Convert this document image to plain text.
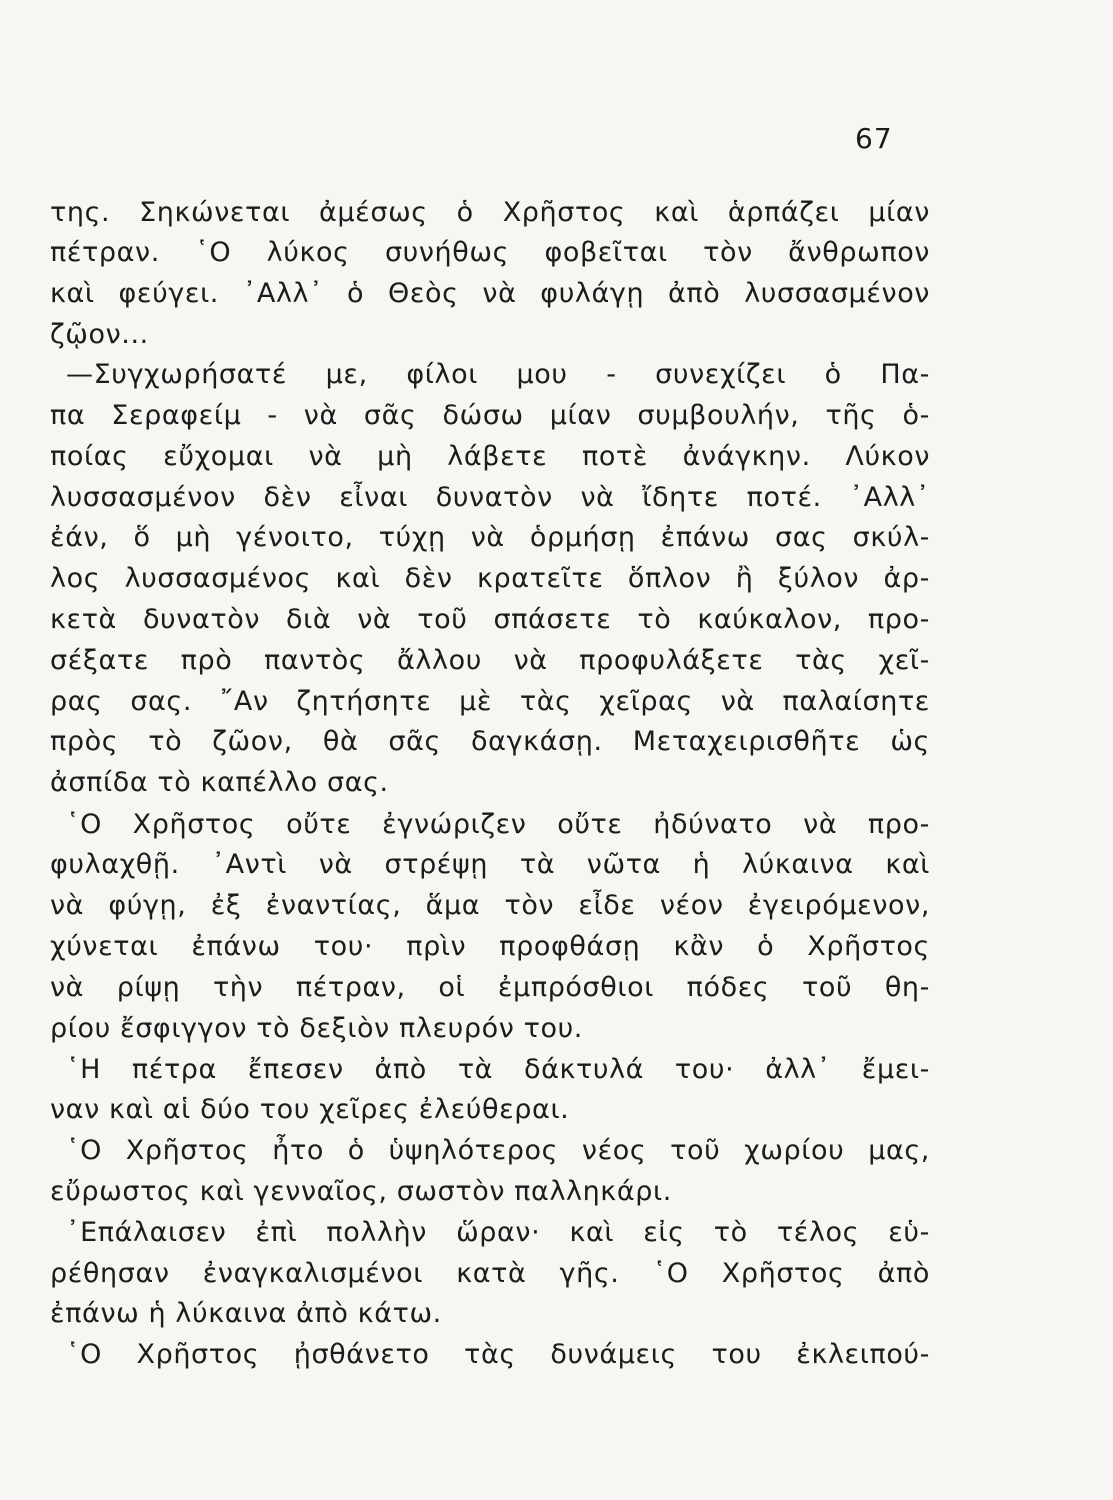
67
της. Σηκώνεται ἀμέσως ὁ Χρῆστος καὶ ἁρπάζει μίαν
πέτραν. ῾Ο λύκος συνήθως φοβεῖται τὸν ἄνθρωπον
καὶ φεύγει. ᾿Αλλ᾿ ὁ Θεὸς νὰ φυλάγῃ ἀπὸ λυσσασμένον
ζῷον...
—Συγχωρήσατέ με, φίλοι μου - συνεχίζει ὁ Πα-
πα Σεραφείμ - νὰ σᾶς δώσω μίαν συμβουλήν, τῆς ὁ-
ποίας εὔχομαι νὰ μὴ λάβετε ποτὲ ἀνάγκην. Λύκον
λυσσασμένον δὲν εἶναι δυνατὸν νὰ ἴδητε ποτέ. ᾿Αλλ᾿
ἐάν, ὅ μὴ γένοιτο, τύχῃ νὰ ὁρμήσῃ ἐπάνω σας σκύλ-
λος λυσσασμένος καὶ δὲν κρατεῖτε ὅπλον ἢ ξύλον ἀρ-
κετὰ δυνατὸν διὰ νὰ τοῦ σπάσετε τὸ καύκαλον, προ-
σέξατε πρὸ παντὸς ἄλλου νὰ προφυλάξετε τὰς χεῖ-
ρας σας. ῎Αν ζητήσητε μὲ τὰς χεῖρας νὰ παλαίσητε
πρὸς τὸ ζῶον, θὰ σᾶς δαγκάσῃ. Μεταχειρισθῆτε ὡς
ἀσπίδα τὸ καπέλλο σας.
῾Ο Χρῆστος οὔτε ἐγνώριζεν οὔτε ἠδύνατο νὰ προ-
φυλαχθῇ. ᾿Αντὶ νὰ στρέψῃ τὰ νῶτα ἡ λύκαινα καὶ
νὰ φύγῃ, ἐξ ἐναντίας, ἅμα τὸν εἶδε νέον ἐγειρόμενον,
χύνεται ἐπάνω του· πρὶν προφθάσῃ κἂν ὁ Χρῆστος
νὰ ρίψῃ τὴν πέτραν, οἱ ἐμπρόσθιοι πόδες τοῦ θη-
ρίου ἔσφιγγον τὸ δεξιὸν πλευρόν του.
῾Η πέτρα ἔπεσεν ἀπὸ τὰ δάκτυλά του· ἀλλ᾿ ἔμει-
ναν καὶ αἱ δύο του χεῖρες ἐλεύθεραι.
῾Ο Χρῆστος ἦτο ὁ ὑψηλότερος νέος τοῦ χωρίου μας,
εὔρωστος καὶ γενναῖος, σωστὸν παλληκάρι.
᾿Επάλαισεν ἐπὶ πολλὴν ὥραν· καὶ εἰς τὸ τέλος εὑ-
ρέθησαν ἐναγκαλισμένοι κατὰ γῆς. ῾Ο Χρῆστος ἀπὸ
ἐπάνω ἡ λύκαινα ἀπὸ κάτω.
῾Ο Χρῆστος ᾐσθάνετο τὰς δυνάμεις του ἐκλειπού-
